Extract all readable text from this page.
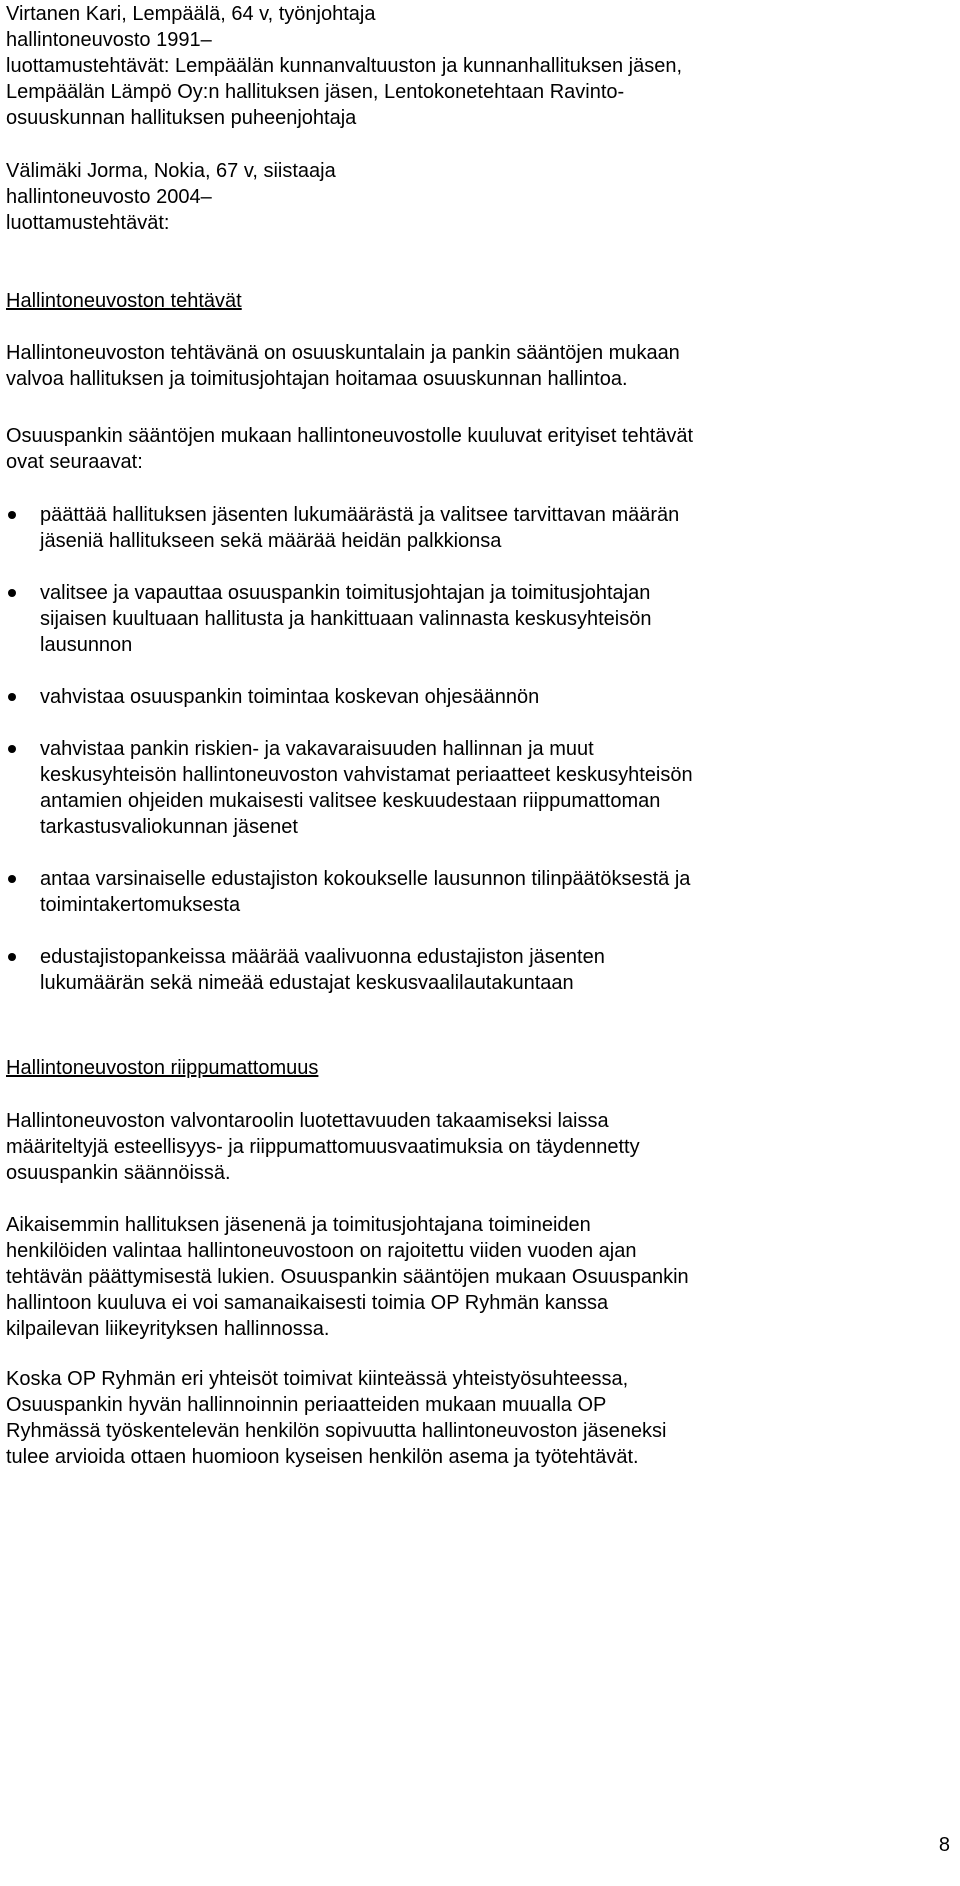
Virtanen Kari, Lempäälä, 64 v, työnjohtaja
hallintoneuvosto 1991–
luottamustehtävät: Lempäälän kunnanvaltuuston ja kunnanhallituksen jäsen,
Lempäälän Lämpö Oy:n hallituksen jäsen, Lentokonetehtaan Ravinto-
osuuskunnan hallituksen puheenjohtaja
Välimäki Jorma, Nokia, 67 v, siistaaja
hallintoneuvosto 2004–
luottamustehtävät:
Hallintoneuvoston tehtävät
Hallintoneuvoston tehtävänä on osuuskuntalain ja pankin sääntöjen mukaan
valvoa hallituksen ja toimitusjohtajan hoitamaa osuuskunnan hallintoa.
Osuuspankin sääntöjen mukaan hallintoneuvostolle kuuluvat erityiset tehtävät
ovat seuraavat:
päättää hallituksen jäsenten lukumäärästä ja valitsee tarvittavan määrän
jäseniä hallitukseen sekä määrää heidän palkkionsa
valitsee ja vapauttaa osuuspankin toimitusjohtajan ja toimitusjohtajan
sijaisen kuultuaan hallitusta ja hankittuaan valinnasta keskusyhteisön
lausunnon
vahvistaa osuuspankin toimintaa koskevan ohjesäännön
vahvistaa pankin riskien- ja vakavaraisuuden hallinnan ja muut
keskusyhteisön hallintoneuvoston vahvistamat periaatteet keskusyhteisön
antamien ohjeiden mukaisesti valitsee keskuudestaan riippumattoman
tarkastusvaliokunnan jäsenet
antaa varsinaiselle edustajiston kokoukselle lausunnon tilinpäätöksestä ja
toimintakertomuksesta
edustajistopankeissa määrää vaalivuonna edustajiston jäsenten
lukumäärän sekä nimeää edustajat keskusvaalilautakuntaan
Hallintoneuvoston riippumattomuus
Hallintoneuvoston valvontaroolin luotettavuuden takaamiseksi laissa
määriteltyjä esteellisyys- ja riippumattomuusvaatimuksia on täydennetty
osuuspankin säännöissä.
Aikaisemmin hallituksen jäsenenä ja toimitusjohtajana toimineiden
henkilöiden valintaa hallintoneuvostoon on rajoitettu viiden vuoden ajan
tehtävän päättymisestä lukien. Osuuspankin sääntöjen mukaan Osuuspankin
hallintoon kuuluva ei voi samanaikaisesti toimia OP Ryhmän kanssa
kilpailevan liikeyrityksen hallinnossa.
Koska OP Ryhmän eri yhteisöt toimivat kiinteässä yhteistyösuhteessa,
Osuuspankin hyvän hallinnoinnin periaatteiden mukaan muualla OP
Ryhmässä työskentelevän henkilön sopivuutta hallintoneuvoston jäseneksi
tulee arvioida ottaen huomioon kyseisen henkilön asema ja työtehtävät.
8
